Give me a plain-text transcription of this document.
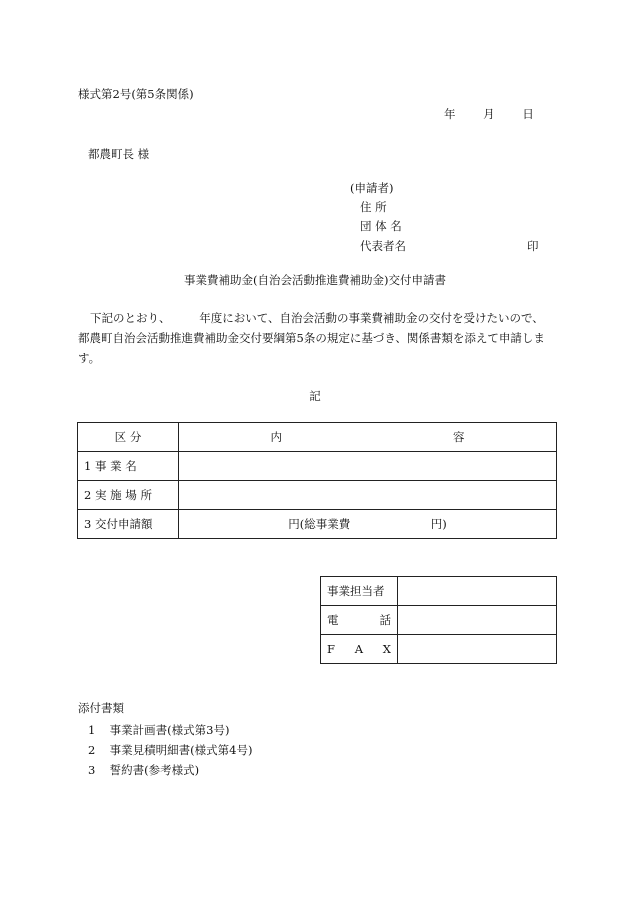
様式第2号(第5条関係)
年 月 日
都農町長 様
(申請者)
住 所
団 体 名
代表者名	印
事業費補助金(自治会活動推進費補助金)交付申請書
下記のとおり、　　　年度において、自治会活動の事業費補助金の交付を受けたいので、都農町自治会活動推進費補助金交付要綱第5条の規定に基づき、関係書類を添えて申請します。
記
区 分	内 容

1 事 業 名	
2 実 施 場 所	
3 交付申請額	円(総事業費　　　　　　　円)
事業担当者	

電 話	

F A X	

添付書類
1 事業計画書(様式第3号)
2 事業見積明細書(様式第4号)
3 誓約書(参考様式)
